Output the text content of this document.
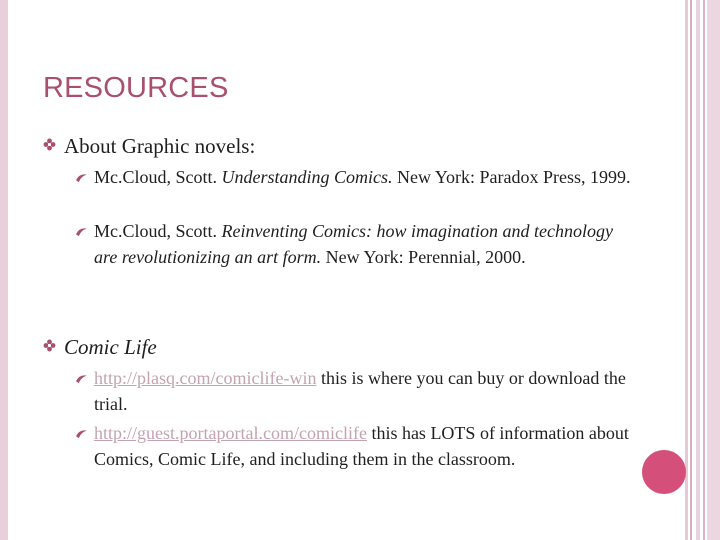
RESOURCES
About Graphic novels:
Mc.Cloud, Scott. Understanding Comics. New York: Paradox Press, 1999.
Mc.Cloud, Scott. Reinventing Comics: how imagination and technology are revolutionizing an art form. New York: Perennial, 2000.
Comic Life
http://plasq.com/comiclife-win this is where you can buy or download the trial.
http://guest.portaportal.com/comiclife this has LOTS of information about Comics, Comic Life, and including them in the classroom.
